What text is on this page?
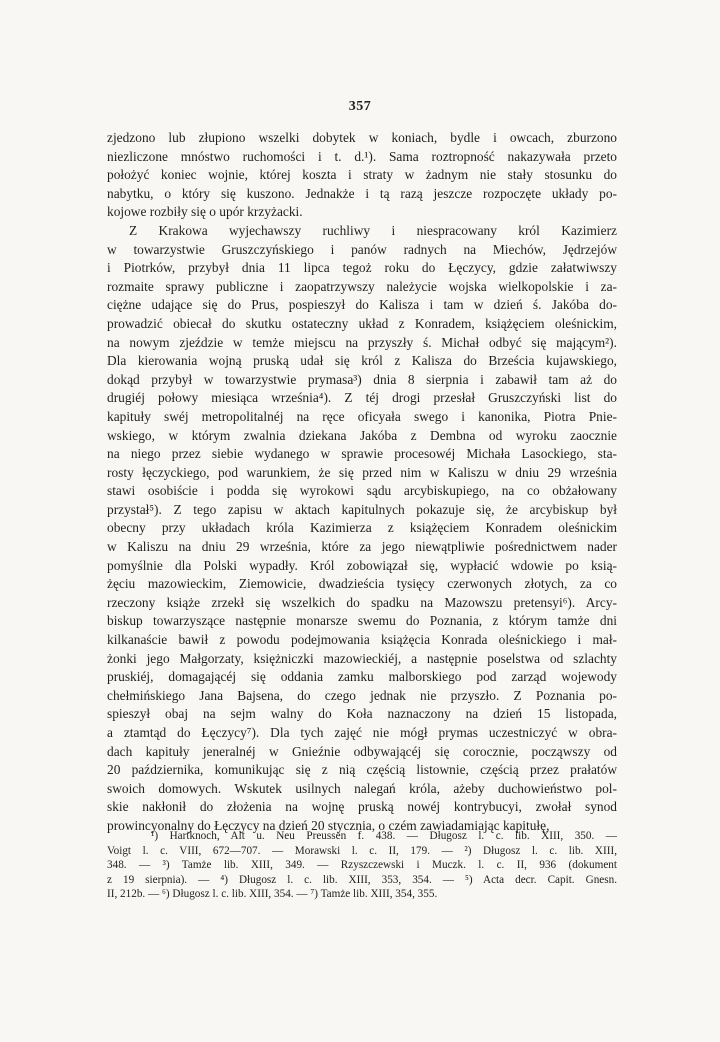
357
zjedzono lub złupiono wszelki dobytek w koniach, bydle i owcach, zburzono
niezliczone mnóstwo ruchomości i t. d.¹). Sama roztropność nakazywała przeto
położyć koniec wojnie, której koszta i straty w żadnym nie stały stosunku do
nabytku, o który się kuszono. Jednakże i tą razą jeszcze rozpoczęte układy po-
kojowe rozbiły się o upór krzyżacki.
Z Krakowa wyjechawszy ruchliwy i niespracowany król Kazimierz
w towarzystwie Gruszczyńskiego i panów radnych na Miechów, Jędrzejów
i Piotrków, przybył dnia 11 lipca tegoż roku do Łęczycy, gdzie załatwiwszy
rozmaite sprawy publiczne i zaopatrzywszy należycie wojska wielkopolskie i za-
ciężne udające się do Prus, pospieszył do Kalisza i tam w dzień ś. Jakóba do-
prowadzić obiecał do skutku ostateczny układ z Konradem, książęciem oleśnickim,
na nowym zjeździe w temże miejscu na przyszły ś. Michał odbyć się mającym²).
Dla kierowania wojną pruską udał się król z Kalisza do Brześcia kujawskiego,
dokąd przybył w towarzystwie prymasa³) dnia 8 sierpnia i zabawił tam aż do
drugiéj połowy miesiąca września⁴). Z téj drogi przesłał Gruszczyński list do
kapituły swéj metropolitalnéj na ręce oficyała swego i kanonika, Piotra Pnie-
wskiego, w którym zwalnia dziekana Jakóba z Dembna od wyroku zaocznie
na niego przez siebie wydanego w sprawie procesowéj Michała Lasockiego, sta-
rosty łęczyckiego, pod warunkiem, że się przed nim w Kaliszu w dniu 29 września
stawi osobiście i podda się wyrokowi sądu arcybiskupiego, na co obżałowany
przystał⁵). Z tego zapisu w aktach kapitulnych pokazuje się, że arcybiskup był
obecny przy układach króla Kazimierza z książęciem Konradem oleśnickim
w Kaliszu na dniu 29 września, które za jego niewątpliwie pośrednictwem nader
pomyślnie dla Polski wypadły. Król zobowiązał się, wypłacić wdowie po ksią-
żęciu mazowieckim, Ziemowicie, dwadzieścia tysięcy czerwonych złotych, za co
rzeczony książe zrzekł się wszelkich do spadku na Mazowszu pretensyi⁶). Arcy-
biskup towarzyszące następnie monarsze swemu do Poznania, z którym tamże dni
kilkanaście bawił z powodu podejmowania książęcia Konrada oleśnickiego i mał-
żonki jego Małgorzaty, księżniczki mazowieckiéj, a następnie poselstwa od szlachty
pruskiéj, domagającéj się oddania zamku malborskiego pod zarząd wojewody
chełmińskiego Jana Bajsena, do czego jednak nie przyszło. Z Poznania po-
spieszył obaj na sejm walny do Koła naznaczony na dzień 15 listopada,
a ztamtąd do Łęczycy⁷). Dla tych zajęć nie mógł prymas uczestniczyć w obra-
dach kapituły jeneralnéj w Gnieźnie odbywającéj się corocznie, począwszy od
20 października, komunikując się z nią częścią listownie, częścią przez prałatów
swoich domowych. Wskutek usilnych nalegań króla, ażeby duchowieństwo pol-
skie nakłonił do złożenia na wojnę pruską nowéj kontrybucyi, zwołał synod
prowincyonalny do Łęczycy na dzień 20 stycznia, o czém zawiadamiając kapitułę,
¹) Hartknoch, Alt u. Neu Preussen f. 438. — Długosz l. c. lib. XIII, 350. —
Voigt l. c. VIII, 672—707. — Morawski l. c. II, 179. — ²) Długosz l. c. lib. XIII,
348. — ³) Tamże lib. XIII, 349. — Rzyszczewski i Muczk. l. c. II, 936 (dokument
z 19 sierpnia). — ⁴) Długosz l. c. lib. XIII, 353, 354. — ⁵) Acta decr. Capit. Gnesn.
II, 212b. — ⁶) Długosz l. c. lib. XIII, 354. — ⁷) Tamże lib. XIII, 354, 355.
